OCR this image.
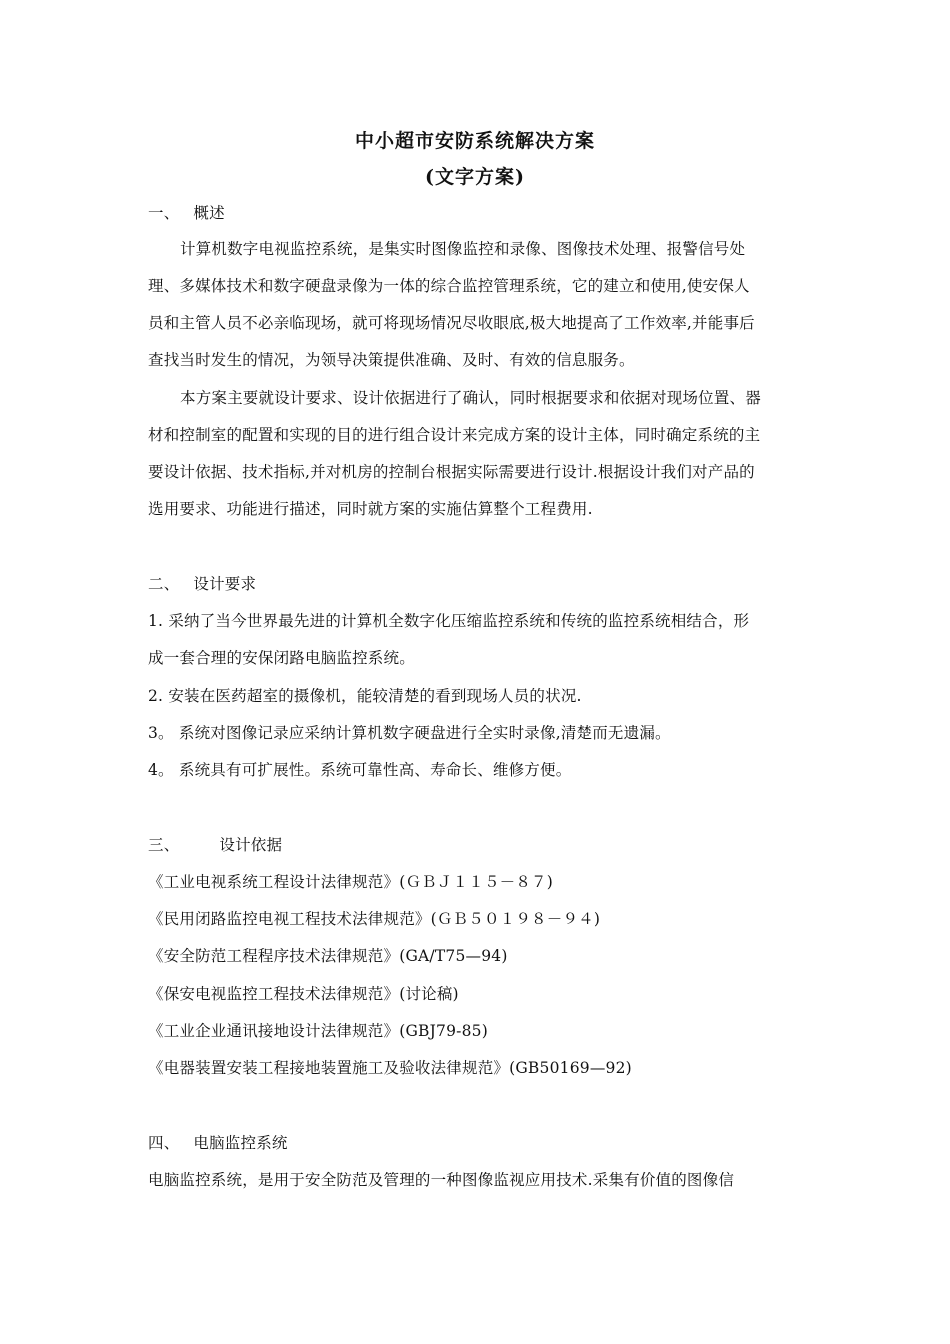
中小超市安防系统解决方案
(文字方案)
一、 概述
计算机数字电视监控系统，是集实时图像监控和录像、图像技术处理、报警信号处
理、多媒体技术和数字硬盘录像为一体的综合监控管理系统，它的建立和使用,使安保人
员和主管人员不必亲临现场，就可将现场情况尽收眼底,极大地提高了工作效率,并能事后
查找当时发生的情况，为领导决策提供准确、及时、有效的信息服务。
本方案主要就设计要求、设计依据进行了确认，同时根据要求和依据对现场位置、器
材和控制室的配置和实现的目的进行组合设计来完成方案的设计主体，同时确定系统的主
要设计依据、技术指标,并对机房的控制台根据实际需要进行设计.根据设计我们对产品的
选用要求、功能进行描述，同时就方案的实施估算整个工程费用.
二、 设计要求
1. 采纳了当今世界最先进的计算机全数字化压缩监控系统和传统的监控系统相结合，形
成一套合理的安保闭路电脑监控系统。
2. 安装在医药超室的摄像机，能较清楚的看到现场人员的状况.
3。 系统对图像记录应采纳计算机数字硬盘进行全实时录像,清楚而无遗漏。
4。 系统具有可扩展性。系统可靠性高、寿命长、维修方便。
三、	设计依据
《工业电视系统工程设计法律规范》(ＧＢＪ１１５－８７)
《民用闭路监控电视工程技术法律规范》(ＧＢ５０１９８－９４)
《安全防范工程程序技术法律规范》(GA/T75—94)
《保安电视监控工程技术法律规范》(讨论稿)
《工业企业通讯接地设计法律规范》(GBJ79-85)
《电器装置安装工程接地装置施工及验收法律规范》(GB50169—92)
四、 电脑监控系统
电脑监控系统，是用于安全防范及管理的一种图像监视应用技术.采集有价值的图像信
